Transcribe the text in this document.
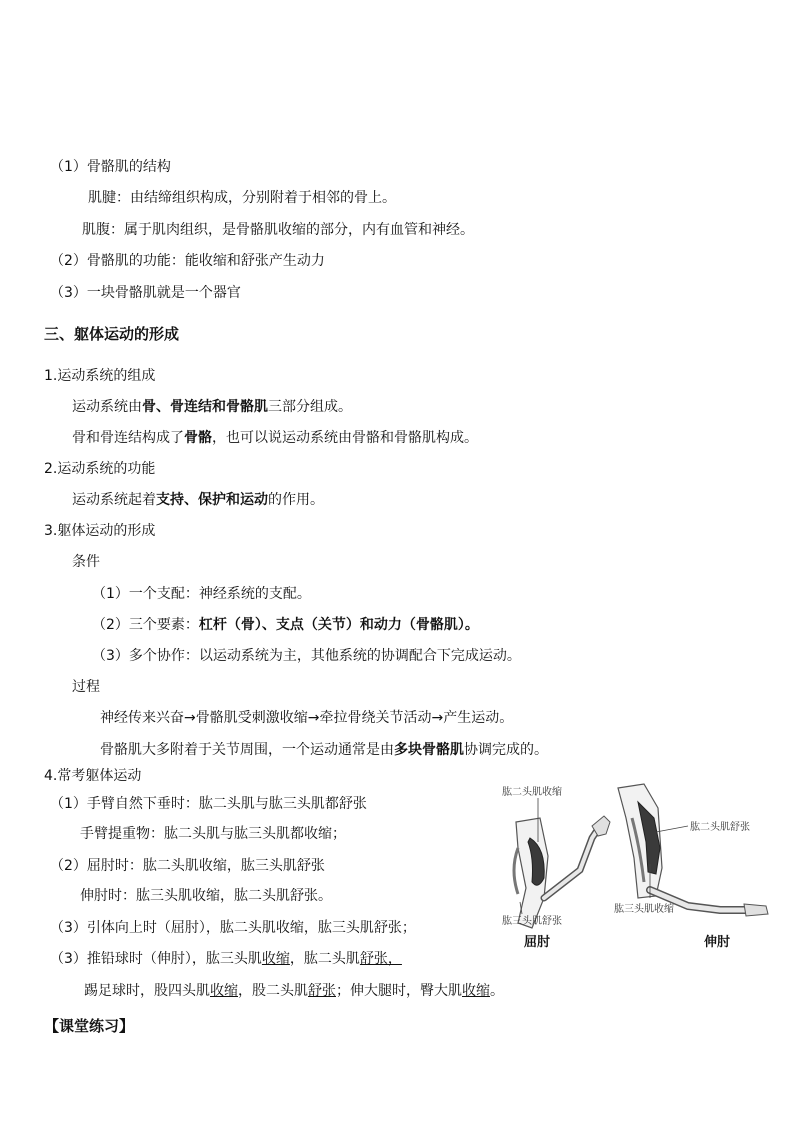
（1）骨骼肌的结构
肌腱：由结缔组织构成，分别附着于相邻的骨上。
肌腹：属于肌肉组织，是骨骼肌收缩的部分，内有血管和神经。
（2）骨骼肌的功能：能收缩和舒张产生动力
（3）一块骨骼肌就是一个器官
三、躯体运动的形成
1.运动系统的组成
运动系统由骨、骨连结和骨骼肌三部分组成。
骨和骨连结构成了骨骼，也可以说运动系统由骨骼和骨骼肌构成。
2.运动系统的功能
运动系统起着支持、保护和运动的作用。
3.躯体运动的形成
条件
（1）一个支配：神经系统的支配。
（2）三个要素：杠杆（骨）、支点（关节）和动力（骨骼肌）。
（3）多个协作：以运动系统为主，其他系统的协调配合下完成运动。
过程
神经传来兴奋→骨骼肌受刺激收缩→牵拉骨绕关节活动→产生运动。
骨骼肌大多附着于关节周围，一个运动通常是由多块骨骼肌协调完成的。
4.常考躯体运动
（1）手臂自然下垂时：肱二头肌与肱三头肌都舒张
手臂提重物：肱二头肌与肱三头肌都收缩；
（2）屈肘时：肱二头肌收缩，肱三头肌舒张
伸肘时：肱三头肌收缩，肱二头肌舒张。
（3）引体向上时（屈肘），肱二头肌收缩，肱三头肌舒张；
（3）推铅球时（伸肘），肱三头肌收缩，肱二头肌舒张，
踢足球时，股四头肌收缩，股二头肌舒张；伸大腿时，臀大肌收缩。
肱二头肌收缩
肱二头肌舒张
肱三头肌舒张
肱三头肌收缩
屈肘	伸肘
【课堂练习】
